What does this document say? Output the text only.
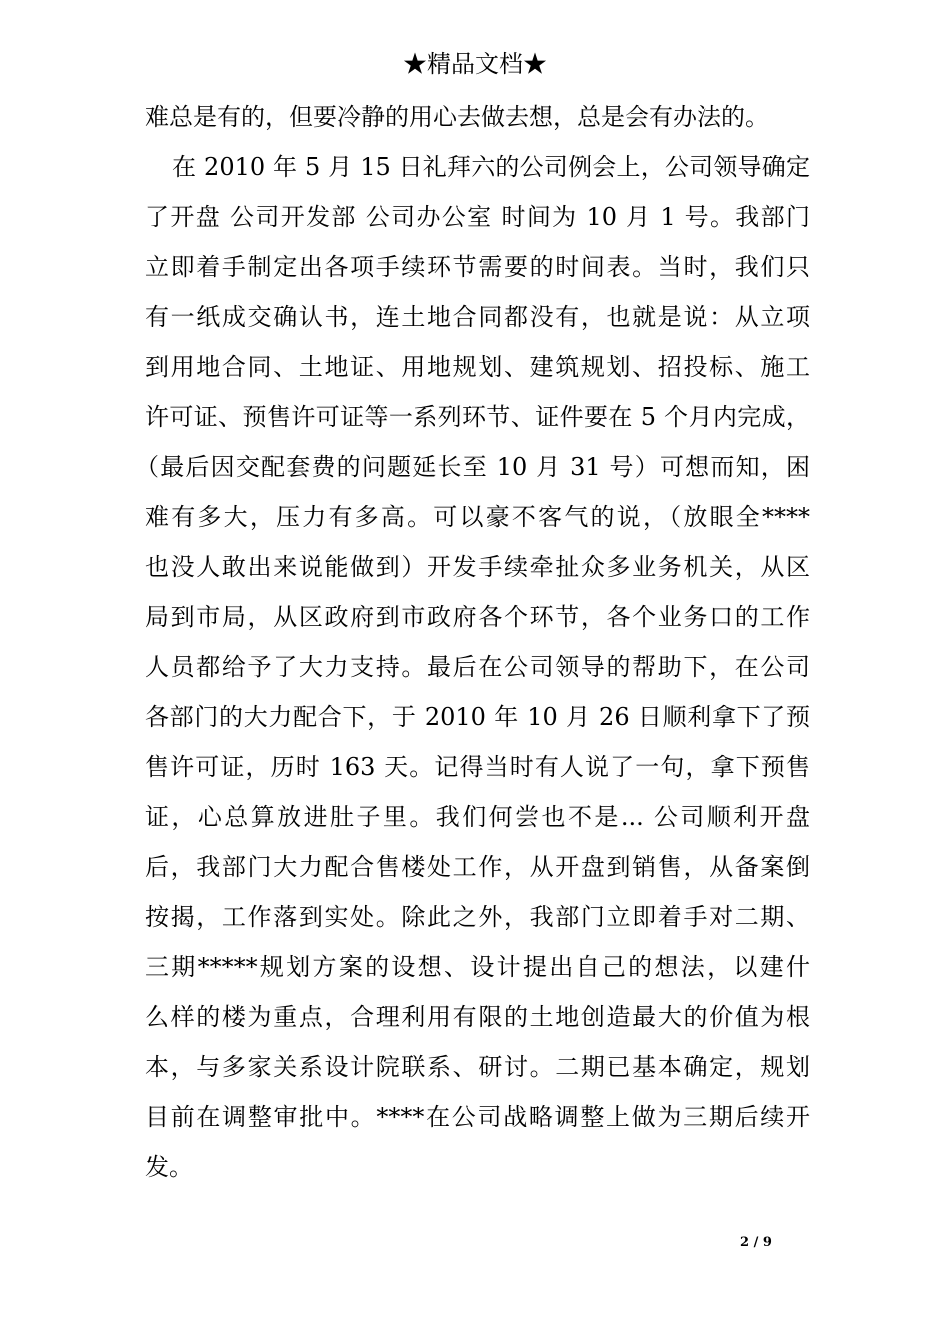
★精品文档★
难总是有的，但要冷静的用心去做去想，总是会有办法的。
在 2010 年 5 月 15 日礼拜六的公司例会上，公司领导确定
了开盘 公司开发部 公司办公室 时间为 10 月 1 号。我部门
立即着手制定出各项手续环节需要的时间表。当时，我们只
有一纸成交确认书，连土地合同都没有，也就是说：从立项
到用地合同、土地证、用地规划、建筑规划、招投标、施工
许可证、预售许可证等一系列环节、证件要在 5 个月内完成，
（最后因交配套费的问题延长至 10 月 31 号）可想而知，困
难有多大，压力有多高。可以豪不客气的说，（放眼全****
也没人敢出来说能做到）开发手续牵扯众多业务机关，从区
局到市局，从区政府到市政府各个环节，各个业务口的工作
人员都给予了大力支持。最后在公司领导的帮助下，在公司
各部门的大力配合下，于 2010 年 10 月 26 日顺利拿下了预
售许可证，历时 163 天。记得当时有人说了一句，拿下预售
证，心总算放进肚子里。我们何尝也不是... 公司顺利开盘
后，我部门大力配合售楼处工作，从开盘到销售，从备案倒
按揭，工作落到实处。除此之外，我部门立即着手对二期、
三期*****规划方案的设想、设计提出自己的想法，以建什
么样的楼为重点，合理利用有限的土地创造最大的价值为根
本，与多家关系设计院联系、研讨。二期已基本确定，规划
目前在调整审批中。****在公司战略调整上做为三期后续开
发。
2 / 9
